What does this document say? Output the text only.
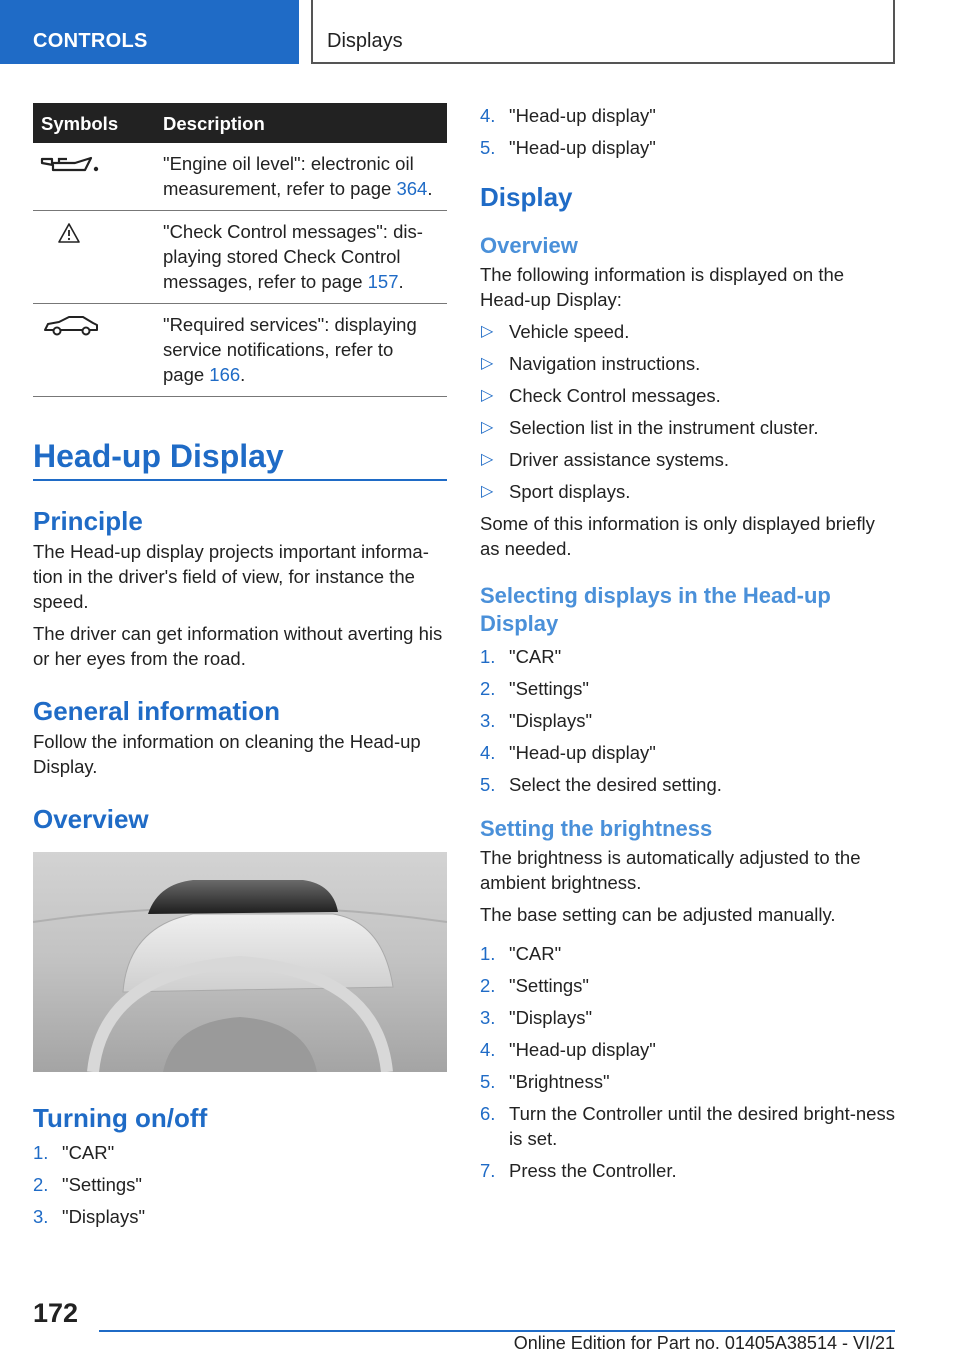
CONTROLS	Displays
Symbols	Description
	"Engine oil level": electronic oil measurement, refer to page 364.
	"Check Control messages": dis-playing stored Check Control messages, refer to page 157.
	"Required services": displaying service notifications, refer to page 166.
Head-up Display
Principle

The Head-up display projects important informa-tion in the driver's field of view, for instance the speed.

The driver can get information without averting his or her eyes from the road.

General information

Follow the information on cleaning the Head-up Display.

Overview
Turning on/off
1. "CAR"
2. "Settings"
3. "Displays"
4. "Head-up display"
5. "Head-up display"
Display
Overview

The following information is displayed on the Head-up Display:

▷ Vehicle speed.
▷ Navigation instructions.
▷ Check Control messages.
▷ Selection list in the instrument cluster.
▷ Driver assistance systems.
▷ Sport displays.

Some of this information is only displayed briefly as needed.

Selecting displays in the Head-up Display
1. "CAR"
2. "Settings"
3. "Displays"
4. "Head-up display"
5. Select the desired setting.
Setting the brightness

The brightness is automatically adjusted to the ambient brightness.

The base setting can be adjusted manually.

1. "CAR"
2. "Settings"
3. "Displays"
4. "Head-up display"
5. "Brightness"
6. Turn the Controller until the desired bright-ness is set.
7. Press the Controller.
172
Online Edition for Part no. 01405A38514 - VI/21
